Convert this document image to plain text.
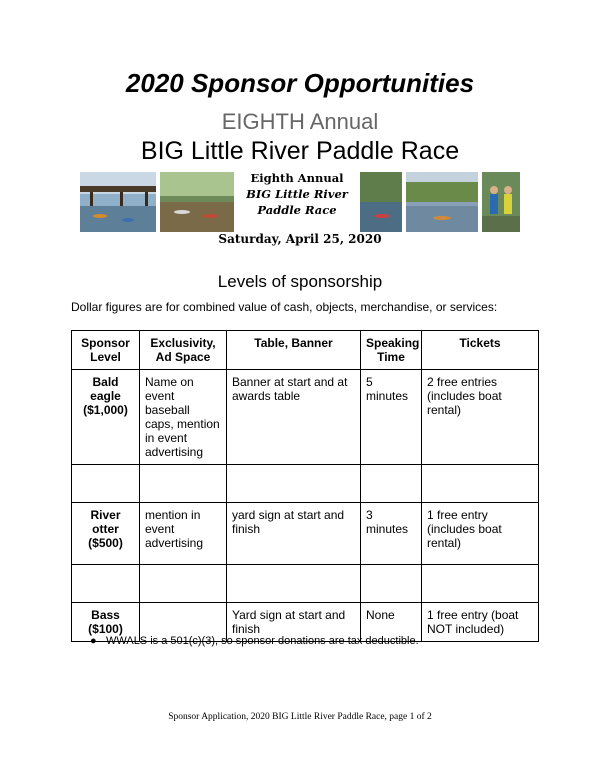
2020 Sponsor Opportunities
EIGHTH Annual
BIG Little River Paddle Race
Eighth Annual
BIG Little River
Paddle Race
Saturday, April 25, 2020
Levels of sponsorship
Dollar figures are for combined value of cash, objects, merchandise, or services:
Sponsor Level	Exclusivity, Ad Space	Table, Banner	Speaking Time	Tickets
Bald eagle ($1,000)	Name on event baseball caps, mention in event advertising	Banner at start and at awards table	5 minutes	2 free entries (includes boat rental)

River otter ($500)	mention in event advertising	yard sign at start and finish	3 minutes	1 free entry (includes boat rental)

Bass ($100)		Yard sign at start and finish	None	1 free entry (boat NOT included)
● WWALS is a 501(c)(3), so sponsor donations are tax deductible.
Sponsor Application, 2020 BIG Little River Paddle Race, page 1 of 2
